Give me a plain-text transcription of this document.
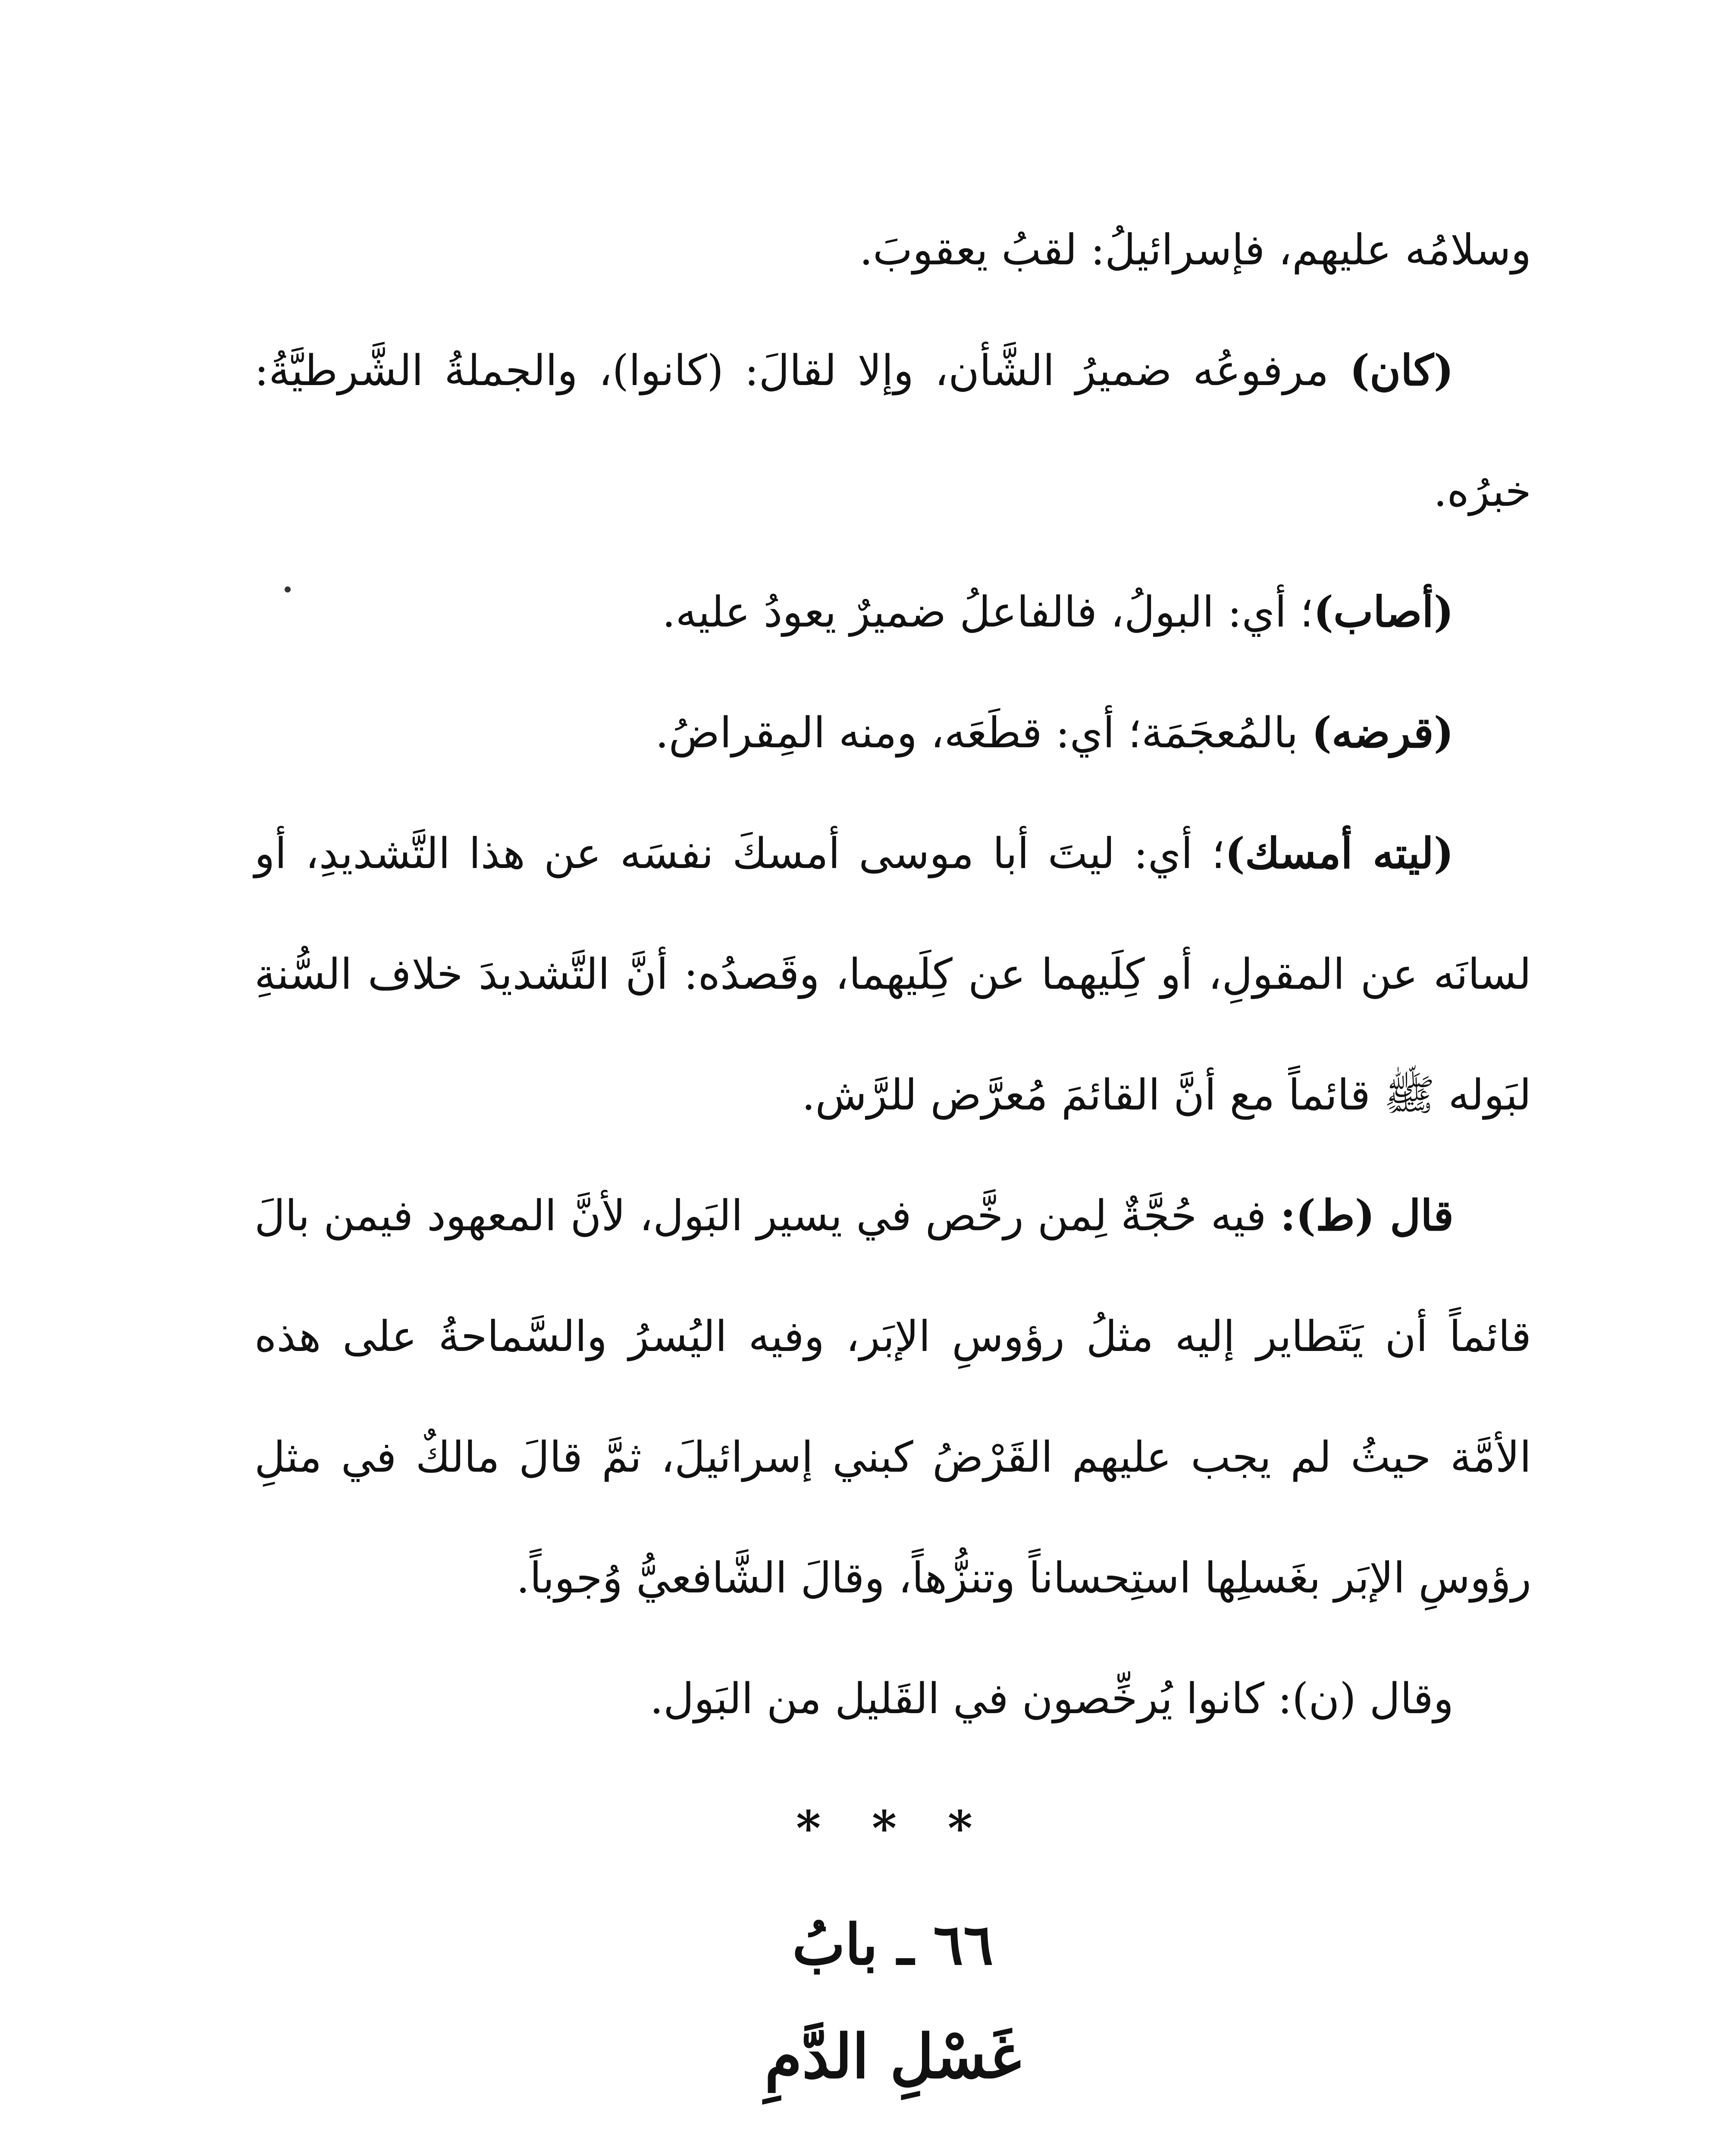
وسلامُه عليهم، فإسرائيلُ: لقبُ يعقوبَ.

(كان) مرفوعُه ضميرُ الشَّأن، وإلا لقالَ: (كانوا)، والجملةُ الشَّرطيَّةُ: خبرُه.

(أصاب)؛ أي: البولُ، فالفاعلُ ضميرٌ يعودُ عليه.

(قرضه) بالمُعجَمَة؛ أي: قطَعَه، ومنه المِقراضُ.

(ليته أمسك)؛ أي: ليتَ أبا موسى أمسكَ نفسَه عن هذا التَّشديدِ، أو لسانَه عن المقولِ، أو كِلَيهما عن كِلَيهما، وقَصدُه: أنَّ التَّشديدَ خلاف السُّنةِ لبَوله ﷺ قائماً مع أنَّ القائمَ مُعرَّض للرَّش.

قال (ط): فيه حُجَّةٌ لِمن رخَّص في يسير البَول، لأنَّ المعهود فيمن بالَ قائماً أن يَتَطاير إليه مثلُ رؤوسِ الإبَر، وفيه اليُسرُ والسَّماحةُ على هذه الأمَّة حيثُ لم يجب عليهم القَرْضُ كبني إسرائيلَ، ثمَّ قالَ مالكٌ في مثلِ رؤوسِ الإبَر بغَسلِها استِحساناً وتنزُّهاً، وقالَ الشَّافعيُّ وُجوباً.

وقال (ن): كانوا يُرخِّصون في القَليل من البَول.

* * *
٦٦ ـ بابُ
غَسْلِ الدَّمِ
